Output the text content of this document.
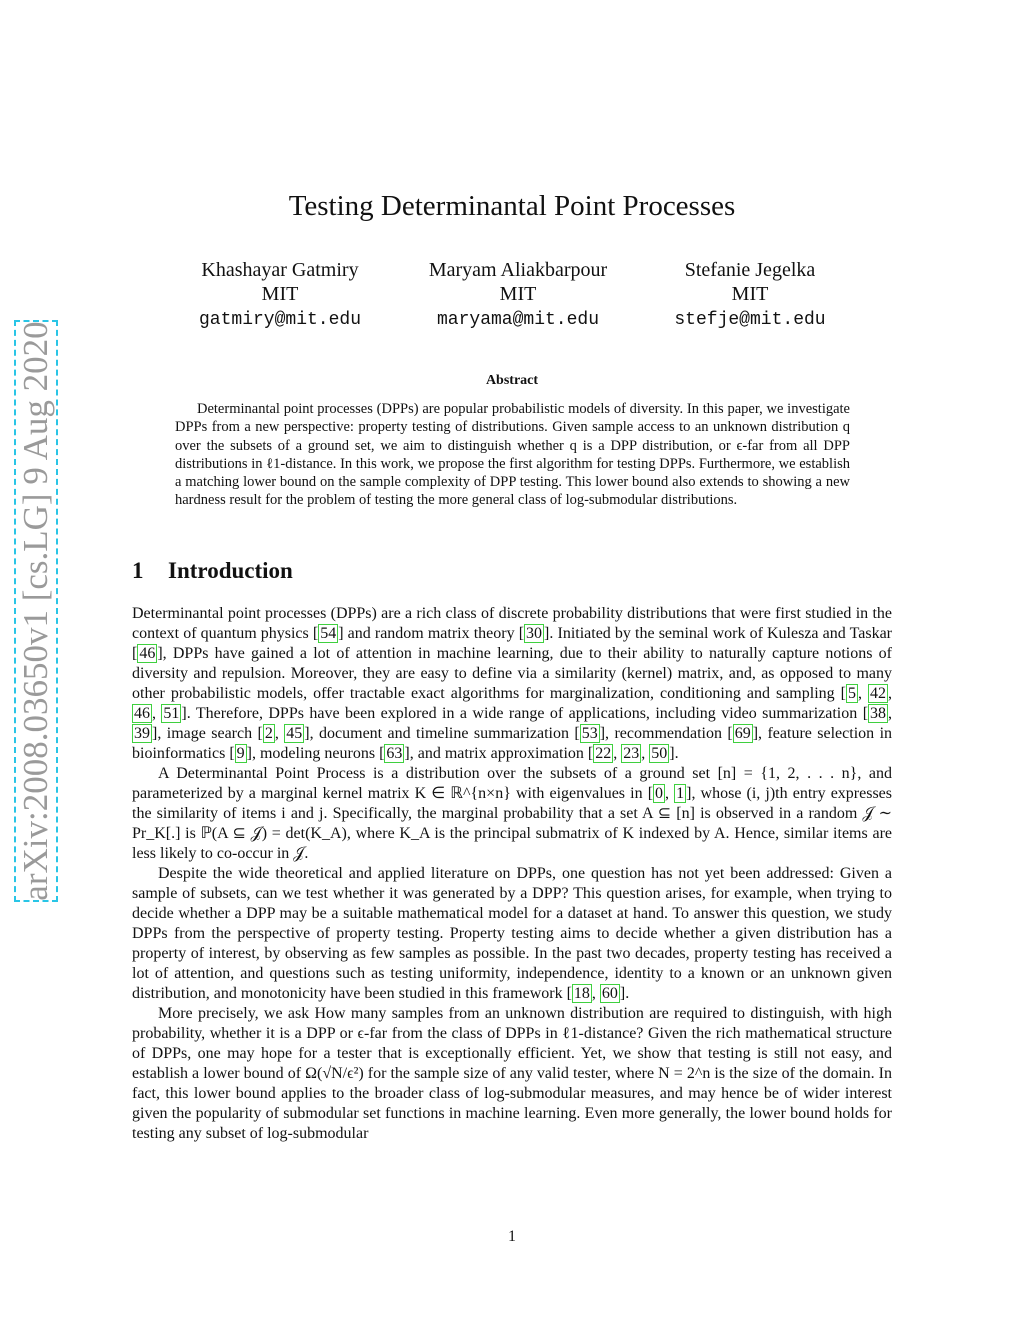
arXiv:2008.03650v1 [cs.LG] 9 Aug 2020
Testing Determinantal Point Processes
Khashayar Gatmiry
MIT
gatmiry@mit.edu
Maryam Aliakbarpour
MIT
maryama@mit.edu
Stefanie Jegelka
MIT
stefje@mit.edu
Abstract
Determinantal point processes (DPPs) are popular probabilistic models of diversity. In this paper, we investigate DPPs from a new perspective: property testing of distributions. Given sample access to an unknown distribution q over the subsets of a ground set, we aim to distinguish whether q is a DPP distribution, or ϵ-far from all DPP distributions in ℓ1-distance. In this work, we propose the first algorithm for testing DPPs. Furthermore, we establish a matching lower bound on the sample complexity of DPP testing. This lower bound also extends to showing a new hardness result for the problem of testing the more general class of log-submodular distributions.
1 Introduction

Determinantal point processes (DPPs) are a rich class of discrete probability distributions that were first studied in the context of quantum physics [ 54 ] and random matrix theory [ 30 ]. Initiated by the seminal work of Kulesza and Taskar [ 46 ], DPPs have gained a lot of attention in machine learning, due to their ability to naturally capture notions of diversity and repulsion. Moreover, they are easy to define via a similarity (kernel) matrix, and, as opposed to many other probabilistic models, offer tractable exact algorithms for marginalization, conditioning and sampling [ 5 , 42 , 46 , 51 ]. Therefore, DPPs have been explored in a wide range of applications, including video summarization [ 38 , 39 ], image search [ 2 , 45 ], document and timeline summarization [ 53 ], recommendation [ 69 ], feature selection in bioinformatics [ 9 ], modeling neurons [ 63 ], and matrix approximation [ 22 , 23 , 50 ].

A Determinantal Point Process is a distribution over the subsets of a ground set [n] = {1, 2, . . . n}, and parameterized by a marginal kernel matrix K ∈ ℝ^{n×n} with eigenvalues in [ 0 , 1 ], whose (i, j)th entry expresses the similarity of items i and j. Specifically, the marginal probability that a set A ⊆ [n] is observed in a random 𝒥 ∼ Pr_K[.] is ℙ(A ⊆ 𝒥) = det(K_A), where K_A is the principal submatrix of K indexed by A. Hence, similar items are less likely to co-occur in 𝒥.

Despite the wide theoretical and applied literature on DPPs, one question has not yet been addressed: Given a sample of subsets, can we test whether it was generated by a DPP? This question arises, for example, when trying to decide whether a DPP may be a suitable mathematical model for a dataset at hand. To answer this question, we study DPPs from the perspective of property testing. Property testing aims to decide whether a given distribution has a property of interest, by observing as few samples as possible. In the past two decades, property testing has received a lot of attention, and questions such as testing uniformity, independence, identity to a known or an unknown given distribution, and monotonicity have been studied in this framework [ 18 , 60 ].

More precisely, we ask How many samples from an unknown distribution are required to distinguish, with high probability, whether it is a DPP or ϵ-far from the class of DPPs in ℓ1-distance? Given the rich mathematical structure of DPPs, one may hope for a tester that is exceptionally efficient. Yet, we show that testing is still not easy, and establish a lower bound of Ω(√N/ϵ²) for the sample size of any valid tester, where N = 2^n is the size of the domain. In fact, this lower bound applies to the broader class of log-submodular measures, and may hence be of wider interest given the popularity of submodular set functions in machine learning. Even more generally, the lower bound holds for testing any subset of log-submodular

1
